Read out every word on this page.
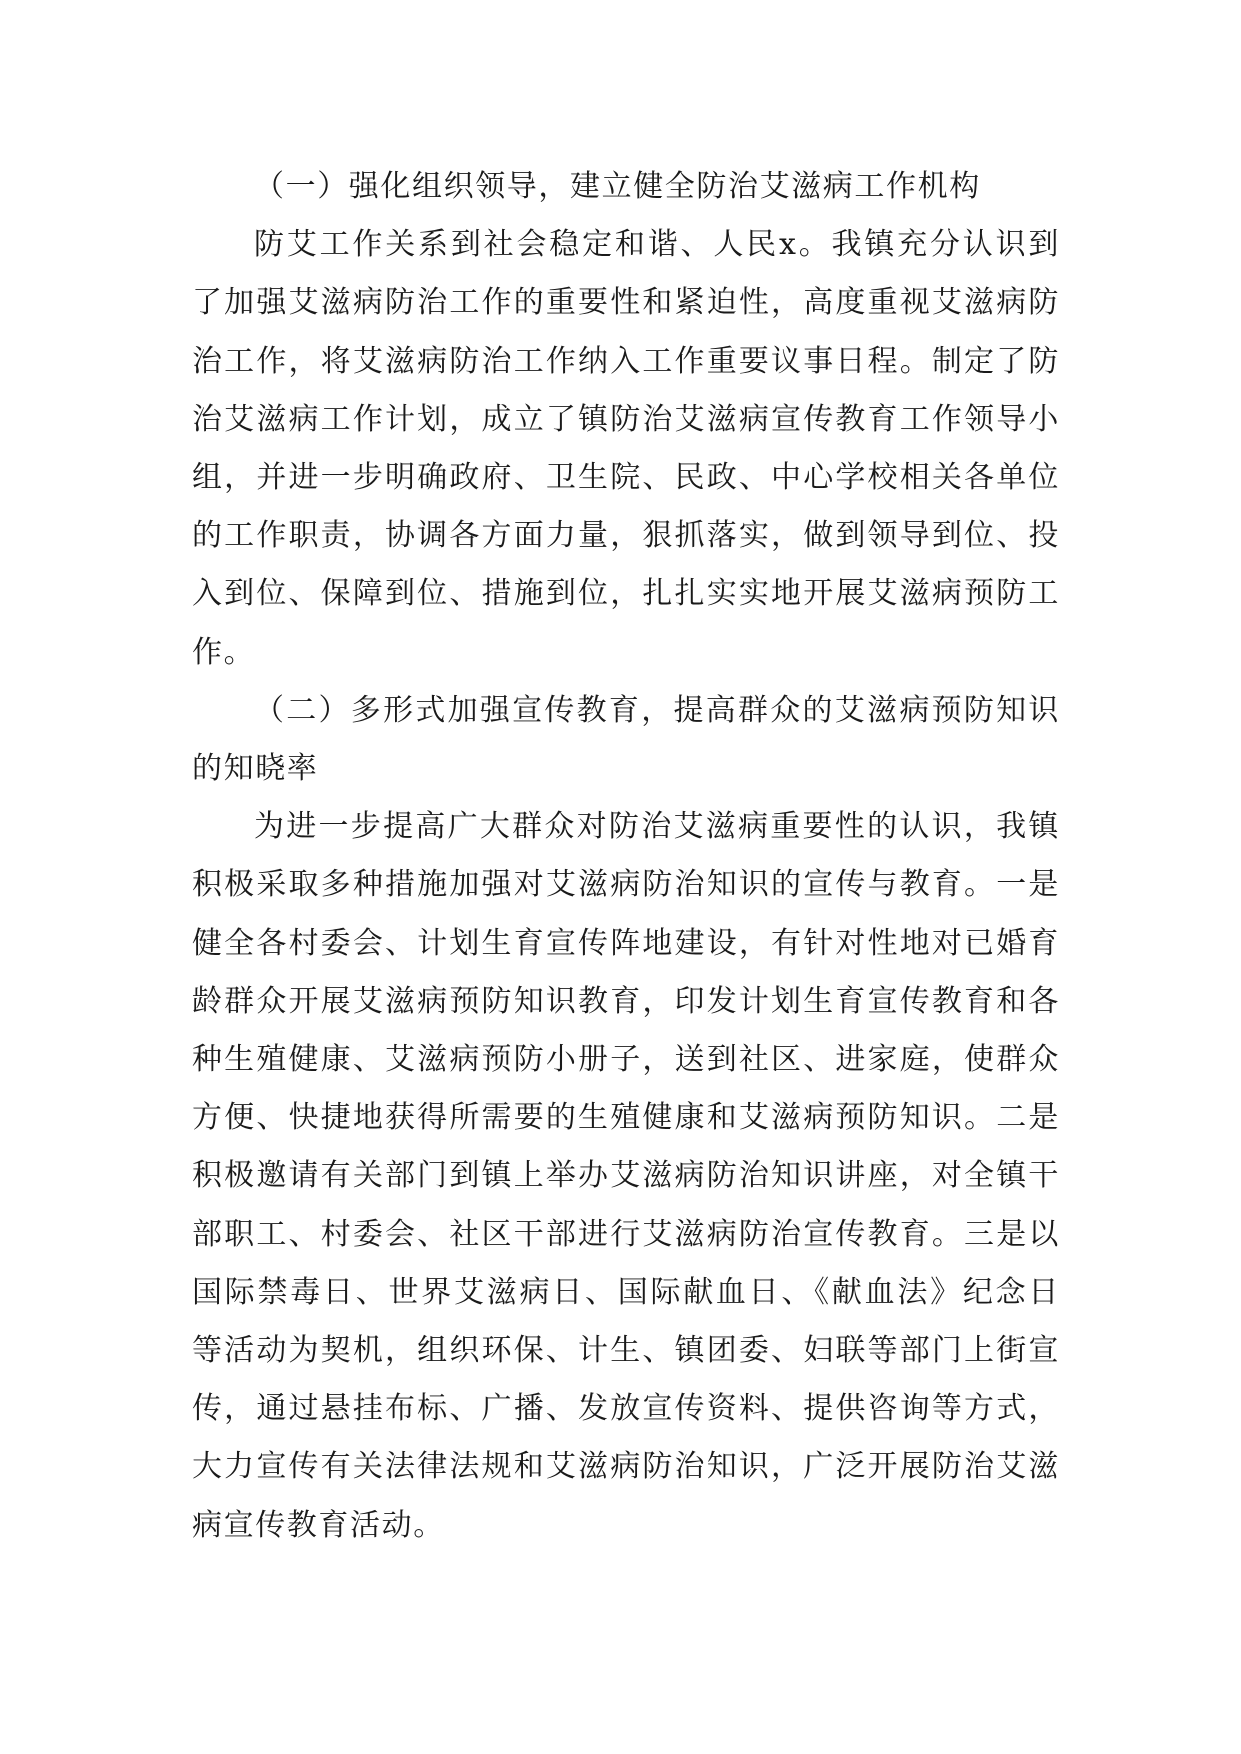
（一）强化组织领导，建立健全防治艾滋病工作机构

防艾工作关系到社会稳定和谐、人民x。我镇充分认识到了加强艾滋病防治工作的重要性和紧迫性，高度重视艾滋病防治工作，将艾滋病防治工作纳入工作重要议事日程。制定了防治艾滋病工作计划，成立了镇防治艾滋病宣传教育工作领导小组，并进一步明确政府、卫生院、民政、中心学校相关各单位的工作职责，协调各方面力量，狠抓落实，做到领导到位、投入到位、保障到位、措施到位，扎扎实实地开展艾滋病预防工作。

（二）多形式加强宣传教育，提高群众的艾滋病预防知识的知晓率

为进一步提高广大群众对防治艾滋病重要性的认识，我镇积极采取多种措施加强对艾滋病防治知识的宣传与教育。一是健全各村委会、计划生育宣传阵地建设，有针对性地对已婚育龄群众开展艾滋病预防知识教育，印发计划生育宣传教育和各种生殖健康、艾滋病预防小册子，送到社区、进家庭，使群众方便、快捷地获得所需要的生殖健康和艾滋病预防知识。二是积极邀请有关部门到镇上举办艾滋病防治知识讲座，对全镇干部职工、村委会、社区干部进行艾滋病防治宣传教育。三是以国际禁毒日、世界艾滋病日、国际献血日、《献血法》纪念日等活动为契机，组织环保、计生、镇团委、妇联等部门上街宣传，通过悬挂布标、广播、发放宣传资料、提供咨询等方式，大力宣传有关法律法规和艾滋病防治知识，广泛开展防治艾滋病宣传教育活动。
